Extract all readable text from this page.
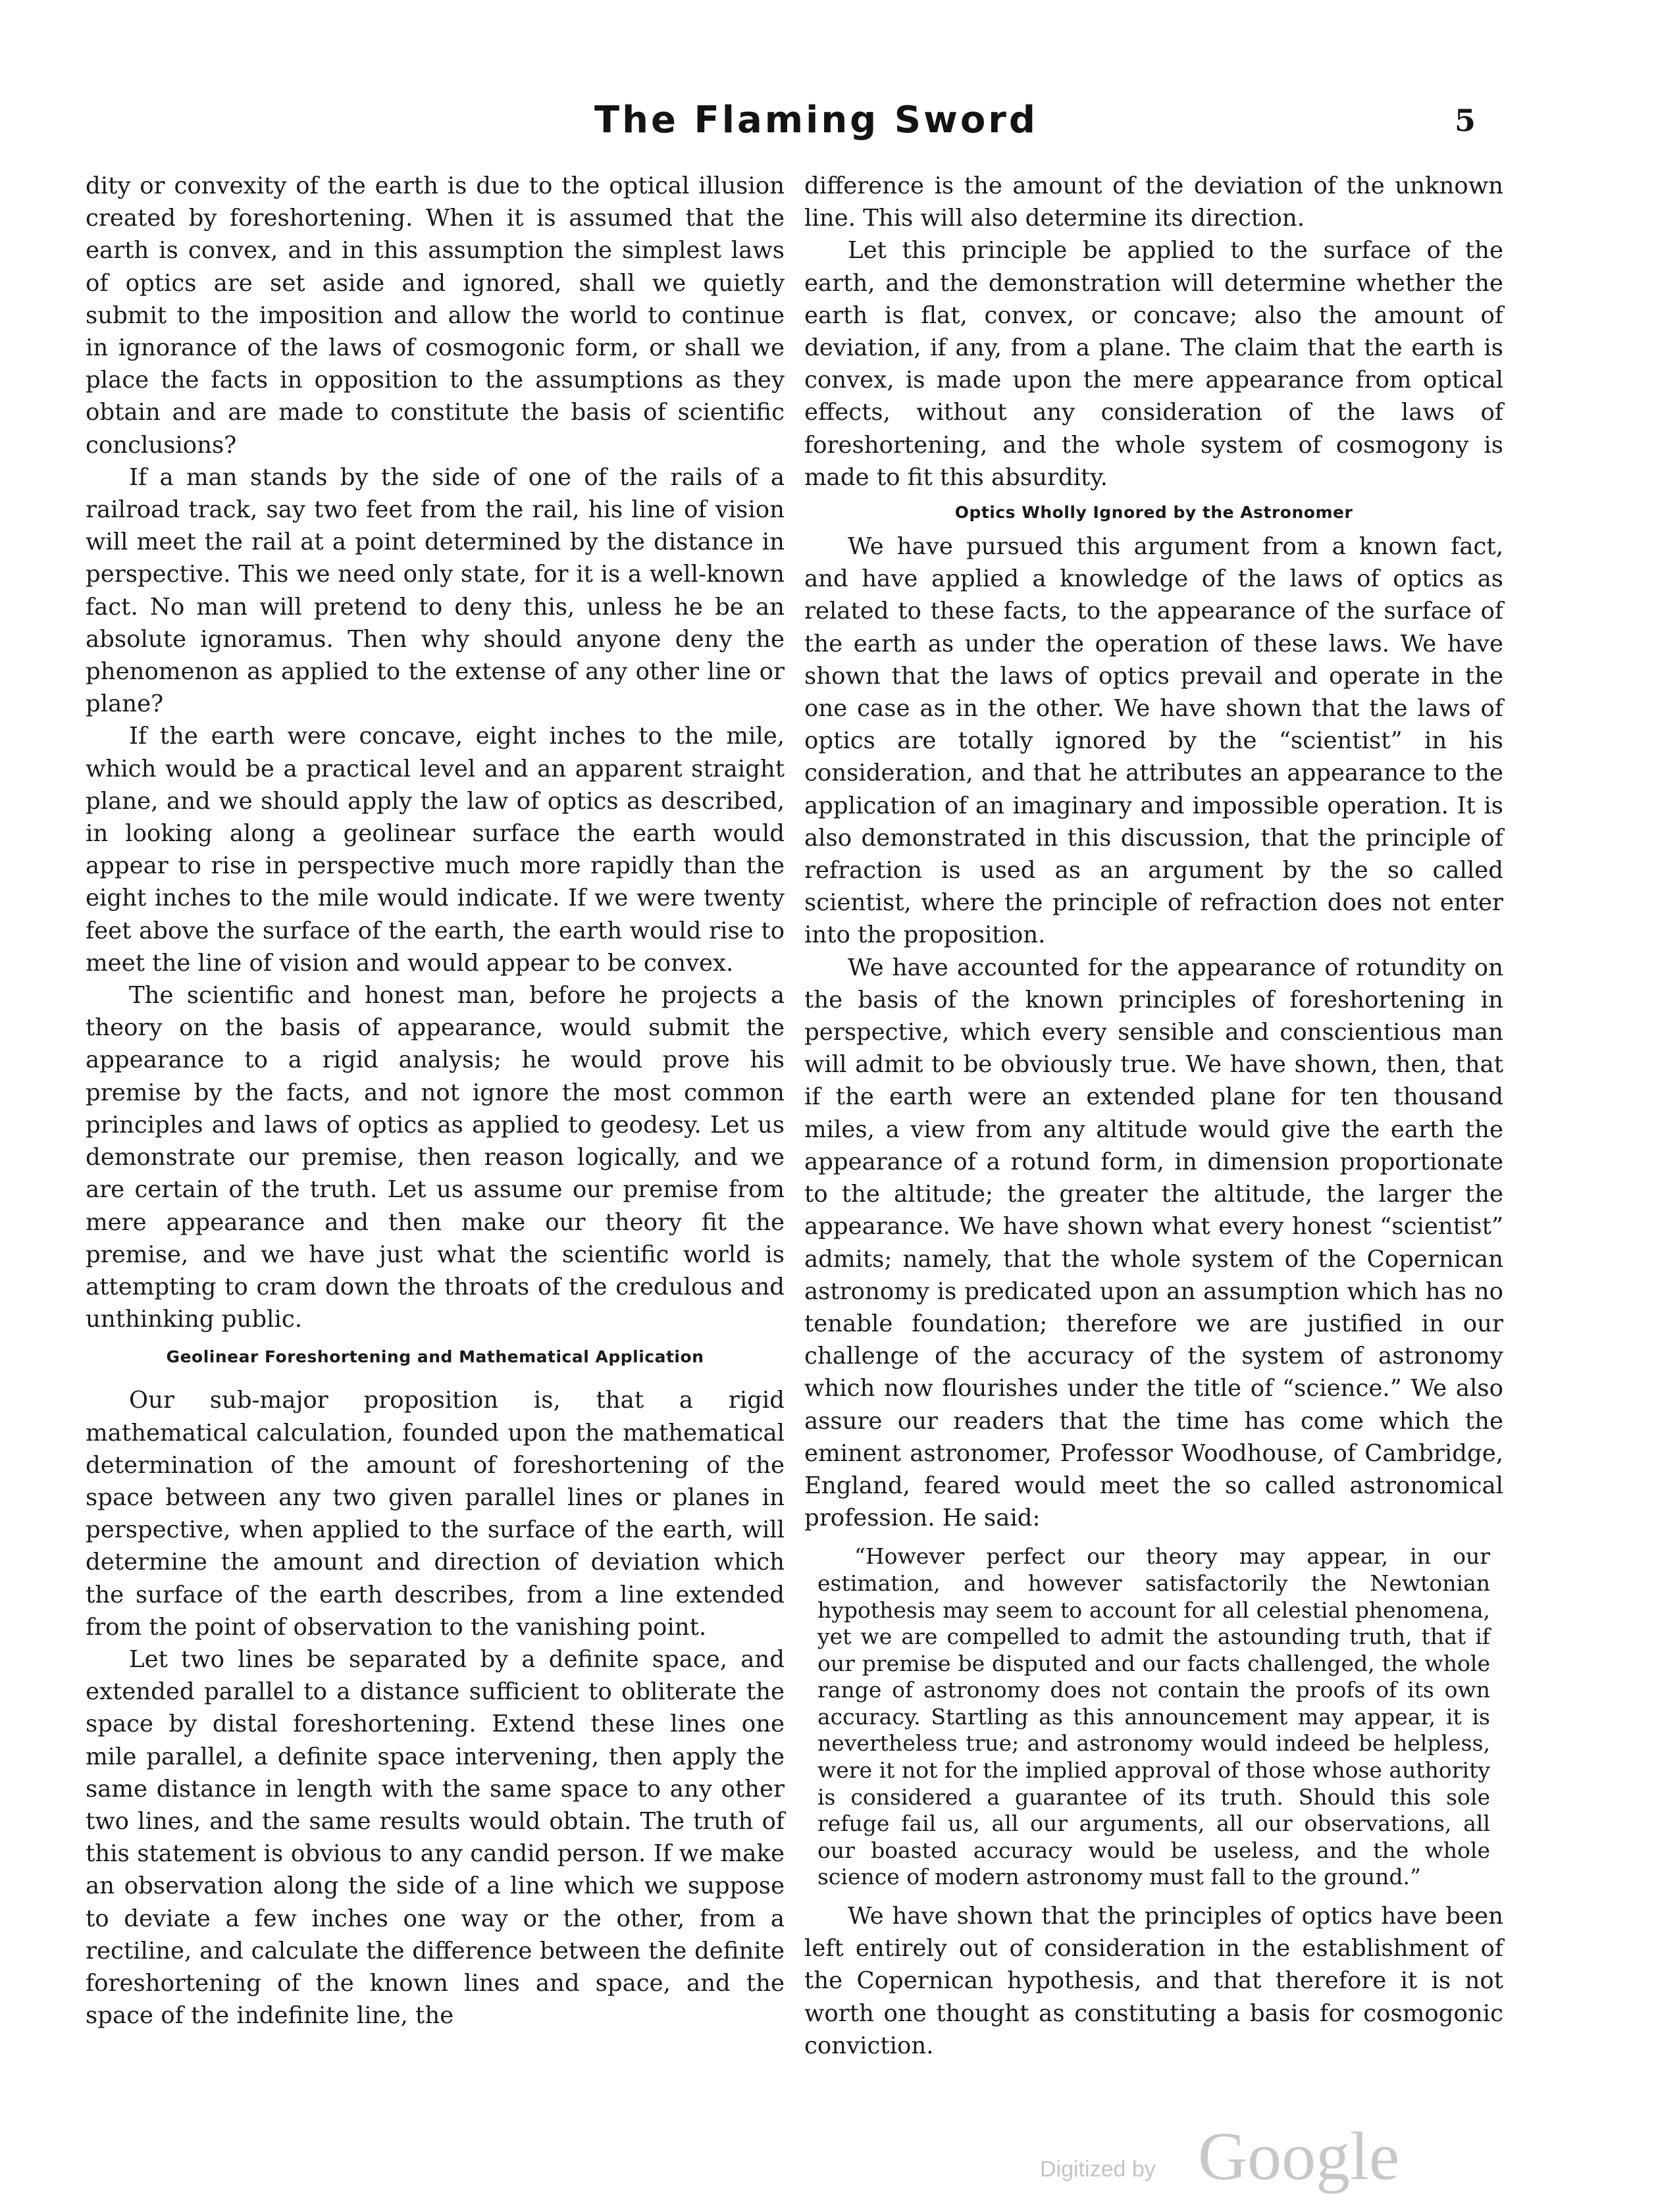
The Flaming Sword	5

dity or convexity of the earth is due to the optical illusion created by foreshortening. When it is assumed that the earth is convex, and in this assumption the simplest laws of optics are set aside and ignored, shall we quietly submit to the imposition and allow the world to continue in ignorance of the laws of cosmogonic form, or shall we place the facts in opposition to the assumptions as they obtain and are made to constitute the basis of scientific conclusions?

If a man stands by the side of one of the rails of a railroad track, say two feet from the rail, his line of vision will meet the rail at a point determined by the distance in perspective. This we need only state, for it is a well-known fact. No man will pretend to deny this, unless he be an absolute ignoramus. Then why should anyone deny the phenomenon as applied to the extense of any other line or plane?

If the earth were concave, eight inches to the mile, which would be a practical level and an apparent straight plane, and we should apply the law of optics as described, in looking along a geolinear surface the earth would appear to rise in perspective much more rapidly than the eight inches to the mile would indicate. If we were twenty feet above the surface of the earth, the earth would rise to meet the line of vision and would appear to be convex.

The scientific and honest man, before he projects a theory on the basis of appearance, would submit the appearance to a rigid analysis; he would prove his premise by the facts, and not ignore the most common principles and laws of optics as applied to geodesy. Let us demonstrate our premise, then reason logically, and we are certain of the truth. Let us assume our premise from mere appearance and then make our theory fit the premise, and we have just what the scientific world is attempting to cram down the throats of the credulous and unthinking public.

Geolinear Foreshortening and Mathematical Application

Our sub-major proposition is, that a rigid mathematical calculation, founded upon the mathematical determination of the amount of foreshortening of the space between any two given parallel lines or planes in perspective, when applied to the surface of the earth, will determine the amount and direction of deviation which the surface of the earth describes, from a line extended from the point of observation to the vanishing point.

Let two lines be separated by a definite space, and extended parallel to a distance sufficient to obliterate the space by distal foreshortening. Extend these lines one mile parallel, a definite space intervening, then apply the same distance in length with the same space to any other two lines, and the same results would obtain. The truth of this statement is obvious to any candid person. If we make an observation along the side of a line which we suppose to deviate a few inches one way or the other, from a rectiline, and calculate the difference between the definite foreshortening of the known lines and space, and the space of the indefinite line, the

difference is the amount of the deviation of the unknown line. This will also determine its direction.

Let this principle be applied to the surface of the earth, and the demonstration will determine whether the earth is flat, convex, or concave; also the amount of deviation, if any, from a plane. The claim that the earth is convex, is made upon the mere appearance from optical effects, without any consideration of the laws of foreshortening, and the whole system of cosmogony is made to fit this absurdity.

Optics Wholly Ignored by the Astronomer

We have pursued this argument from a known fact, and have applied a knowledge of the laws of optics as related to these facts, to the appearance of the surface of the earth as under the operation of these laws. We have shown that the laws of optics prevail and operate in the one case as in the other. We have shown that the laws of optics are totally ignored by the “scientist” in his consideration, and that he attributes an appearance to the application of an imaginary and impossible operation. It is also demonstrated in this discussion, that the principle of refraction is used as an argument by the so called scientist, where the principle of refraction does not enter into the proposition.

We have accounted for the appearance of rotundity on the basis of the known principles of foreshortening in perspective, which every sensible and conscientious man will admit to be obviously true. We have shown, then, that if the earth were an extended plane for ten thousand miles, a view from any altitude would give the earth the appearance of a rotund form, in dimension proportionate to the altitude; the greater the altitude, the larger the appearance. We have shown what every honest “scientist” admits; namely, that the whole system of the Copernican astronomy is predicated upon an assumption which has no tenable foundation; therefore we are justified in our challenge of the accuracy of the system of astronomy which now flourishes under the title of “science.” We also assure our readers that the time has come which the eminent astronomer, Professor Woodhouse, of Cambridge, England, feared would meet the so called astronomical profession. He said:

“However perfect our theory may appear, in our estimation, and however satisfactorily the Newtonian hypothesis may seem to account for all celestial phenomena, yet we are compelled to admit the astounding truth, that if our premise be disputed and our facts challenged, the whole range of astronomy does not contain the proofs of its own accuracy. Startling as this announcement may appear, it is nevertheless true; and astronomy would indeed be helpless, were it not for the implied approval of those whose authority is considered a guarantee of its truth. Should this sole refuge fail us, all our arguments, all our observations, all our boasted accuracy would be useless, and the whole science of modern astronomy must fall to the ground.”

We have shown that the principles of optics have been left entirely out of consideration in the establishment of the Copernican hypothesis, and that therefore it is not worth one thought as constituting a basis for cosmogonic conviction.

Digitized by Google
